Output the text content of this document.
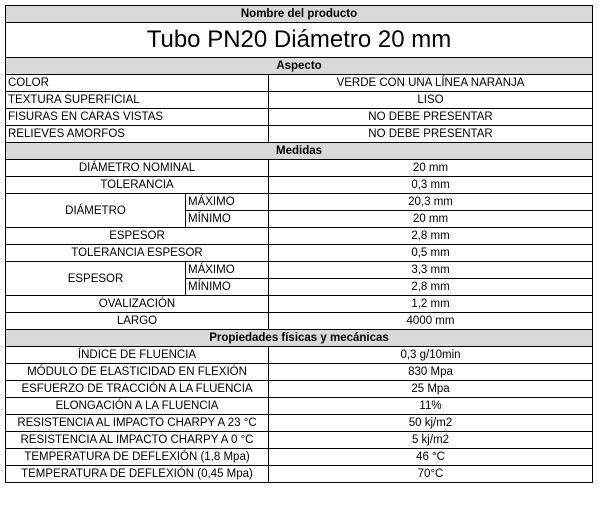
Nombre del producto		
Tubo PN20 Diámetro 20 mm		
Aspecto		
COLOR		VERDE CON UNA LÍNEA NARANJA
TEXTURA SUPERFICIAL		LISO
FISURAS EN CARAS VISTAS		NO DEBE PRESENTAR
RELIEVES AMORFOS		NO DEBE PRESENTAR
Medidas		
DIÁMETRO NOMINAL		20 mm
TOLERANCIA		0,3 mm
DIÁMETRO	MÁXIMO	20,3 mm
	MÍNIMO	20 mm
ESPESOR		2,8 mm
TOLERANCIA ESPESOR		0,5 mm
ESPESOR	MÁXIMO	3,3 mm
	MÍNIMO	2,8 mm
OVALIZACIÓN		1,2 mm
LARGO		4000 mm
Propiedades físicas y mecánicas		
ÍNDICE DE FLUENCIA		0,3 g/10min
MÓDULO DE ELASTICIDAD EN FLEXIÓN		830 Mpa
ESFUERZO DE TRACCIÓN A LA FLUENCIA		25 Mpa
ELONGACIÓN A LA FLUENCIA		11%
RESISTENCIA AL IMPACTO CHARPY A 23 °C		50 kj/m2
RESISTENCIA AL IMPACTO CHARPY A 0 °C		5 kj/m2
TEMPERATURA DE DEFLEXIÓN (1,8 Mpa)		46 °C
TEMPERATURA DE DEFLEXIÓN (0,45 Mpa)		70°C
